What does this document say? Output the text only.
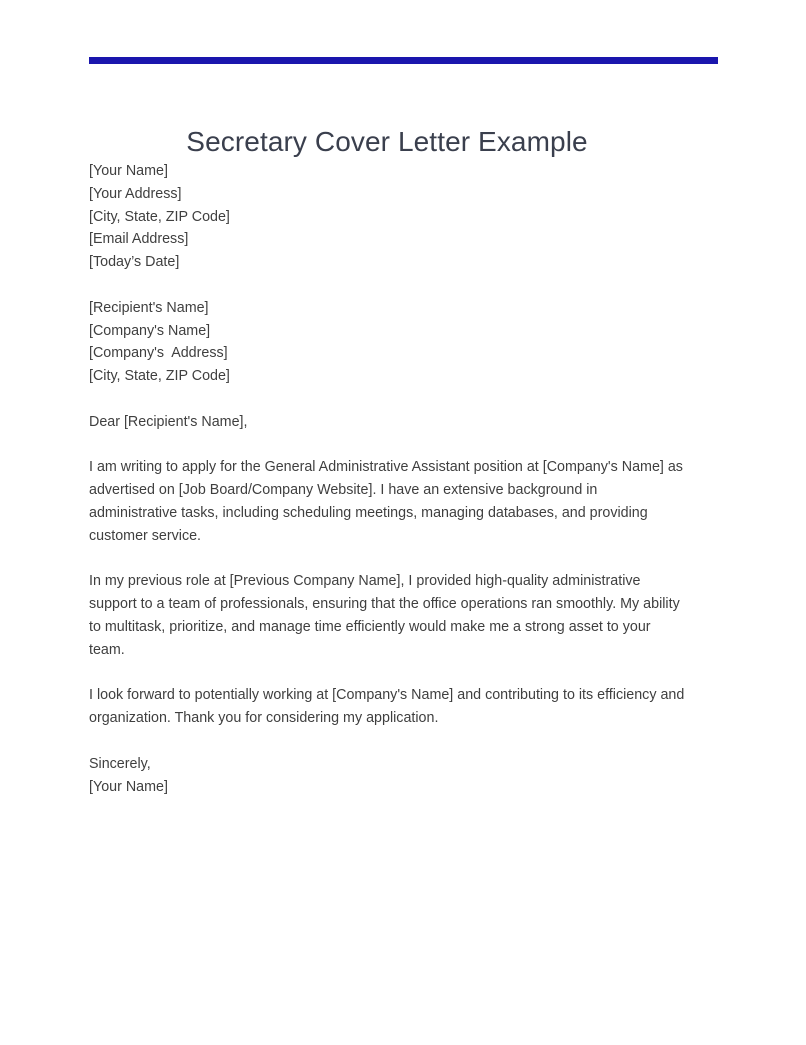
Secretary Cover Letter Example
[Your Name]
[Your Address]
[City, State, ZIP Code]
[Email Address]
[Today’s Date]
[Recipient's Name]
[Company's Name]
[Company's  Address]
[City, State, ZIP Code]
Dear [Recipient's Name],

I am writing to apply for the General Administrative Assistant position at [Company's Name] as advertised on [Job Board/Company Website]. I have an extensive background in administrative tasks, including scheduling meetings, managing databases, and providing customer service.

In my previous role at [Previous Company Name], I provided high-quality administrative support to a team of professionals, ensuring that the office operations ran smoothly. My ability to multitask, prioritize, and manage time efficiently would make me a strong asset to your team.

I look forward to potentially working at [Company's Name] and contributing to its efficiency and organization. Thank you for considering my application.

Sincerely,
[Your Name]
